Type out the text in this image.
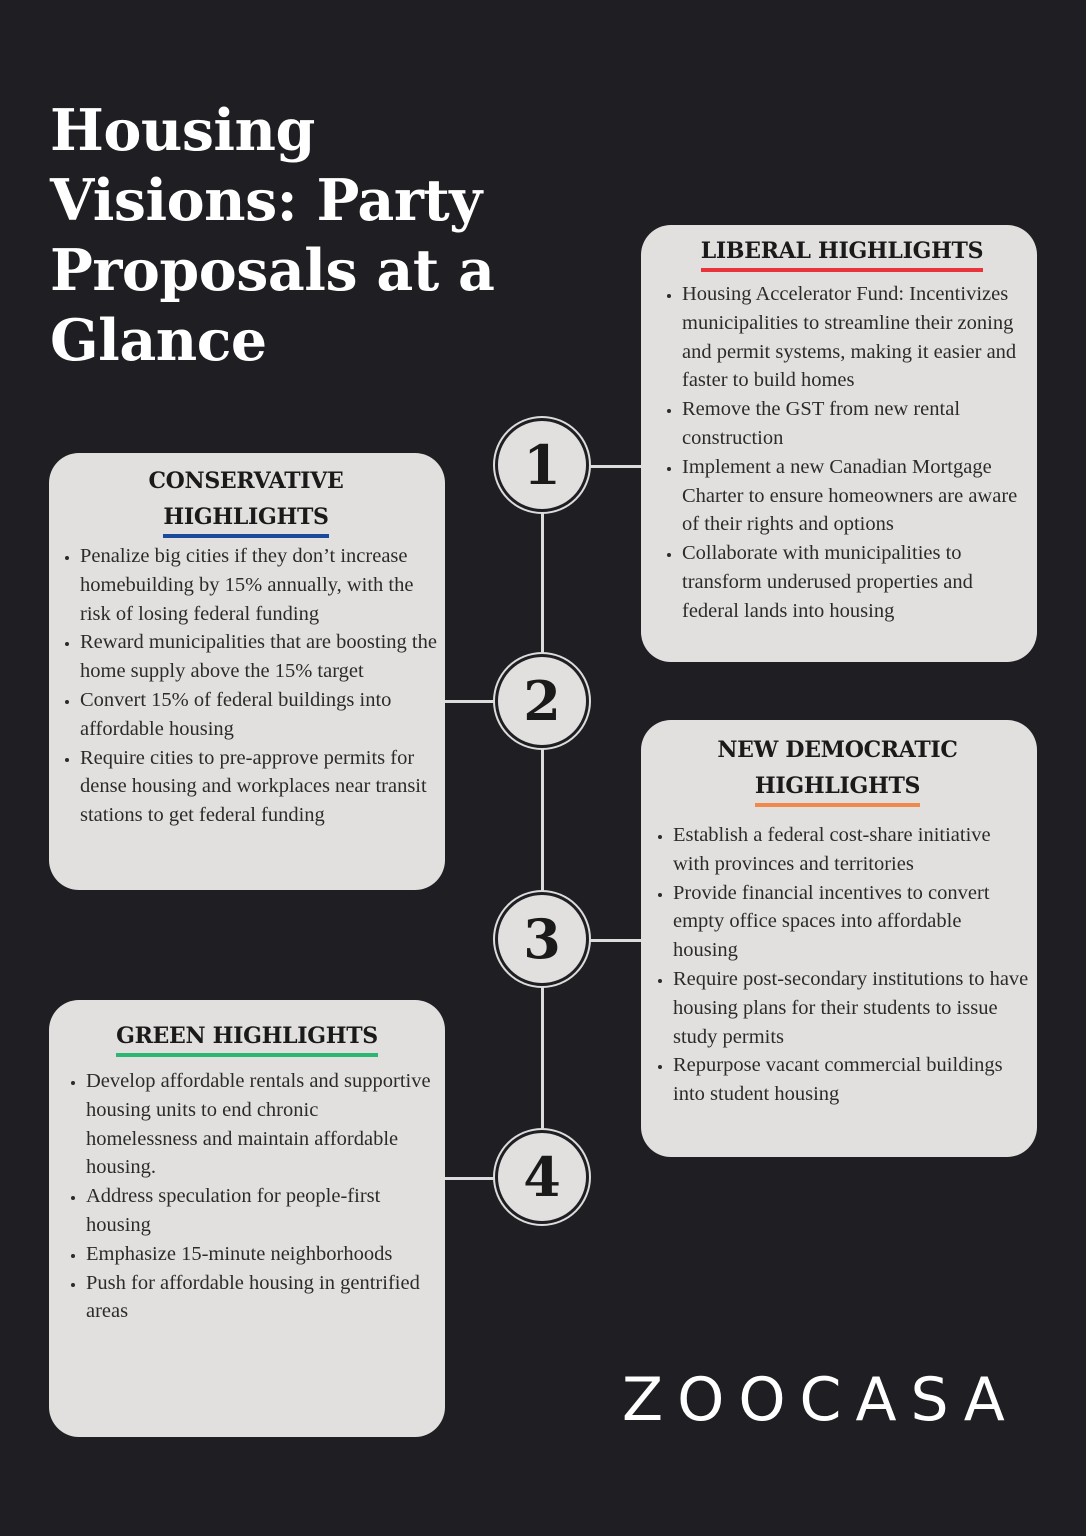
Housing Visions: Party Proposals at a Glance
1
2
3
4
LIBERAL HIGHLIGHTS
• Housing Accelerator Fund: Incentivizes municipalities to streamline their zoning and permit systems, making it easier and faster to build homes
• Remove the GST from new rental construction
• Implement a new Canadian Mortgage Charter to ensure homeowners are aware of their rights and options
• Collaborate with municipalities to transform underused properties and federal lands into housing
CONSERVATIVE
HIGHLIGHTS
• Penalize big cities if they don’t increase homebuilding by 15% annually, with the risk of losing federal funding
• Reward municipalities that are boosting the home supply above the 15% target
• Convert 15% of federal buildings into affordable housing
• Require cities to pre-approve permits for dense housing and workplaces near transit stations to get federal funding
NEW DEMOCRATIC
HIGHLIGHTS
• Establish a federal cost-share initiative with provinces and territories
• Provide financial incentives to convert empty office spaces into affordable housing
• Require post-secondary institutions to have housing plans for their students to issue study permits
• Repurpose vacant commercial buildings into student housing
GREEN HIGHLIGHTS
• Develop affordable rentals and supportive housing units to end chronic homelessness and maintain affordable housing.
• Address speculation for people-first housing
• Emphasize 15-minute neighborhoods
• Push for affordable housing in gentrified areas
ZOOCASA
